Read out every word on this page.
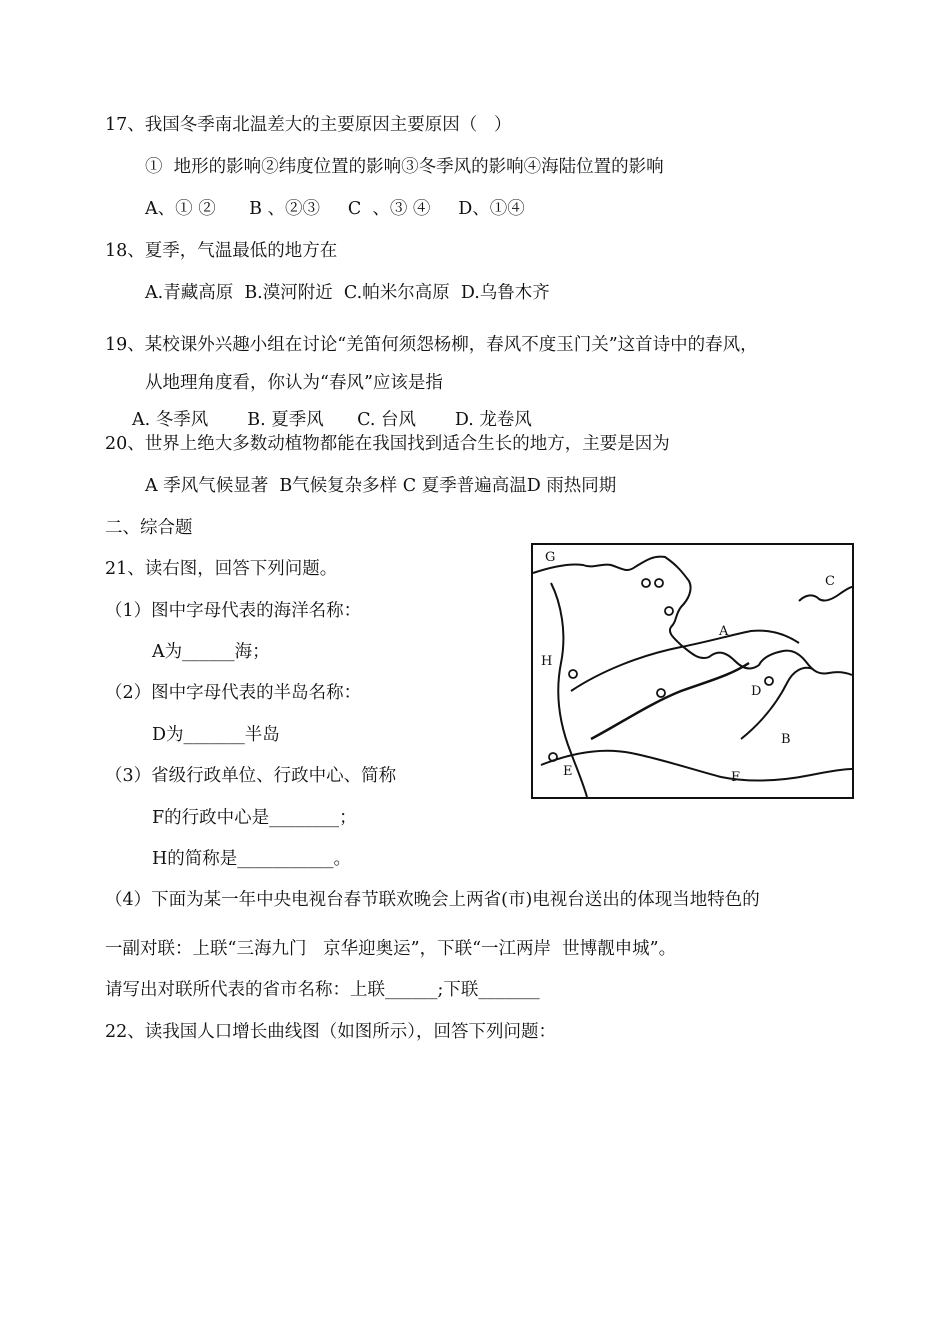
17、我国冬季南北温差大的主要原因主要原因（   ）
①  地形的影响②纬度位置的影响③冬季风的影响④海陆位置的影响
A、① ②      B 、②③     C  、③ ④     D、①④
18、夏季，气温最低的地方在
A.青藏高原  B.漠河附近  C.帕米尔高原  D.乌鲁木齐
19、某校课外兴趣小组在讨论“羌笛何须怨杨柳，春风不度玉门关”这首诗中的春风，
从地理角度看，你认为“春风”应该是指
A. 冬季风       B. 夏季风      C. 台风       D. 龙卷风
20、世界上绝大多数动植物都能在我国找到适合生长的地方，主要是因为
A 季风气候显著  B气候复杂多样 C 夏季普遍高温D 雨热同期
二、综合题
21、读右图，回答下列问题。
（1）图中字母代表的海洋名称：
A为______海；
（2）图中字母代表的半岛名称：
D为_______半岛
（3）省级行政单位、行政中心、简称
F的行政中心是________；
H的简称是___________。
（4）下面为某一年中央电视台春节联欢晚会上两省(市)电视台送出的体现当地特色的
一副对联：上联“三海九门   京华迎奥运”，下联“一江两岸  世博靓申城”。
请写出对联所代表的省市名称：上联______;下联_______
22、读我国人口增长曲线图（如图所示），回答下列问题：
G
C
A
H
D
B
E	F
